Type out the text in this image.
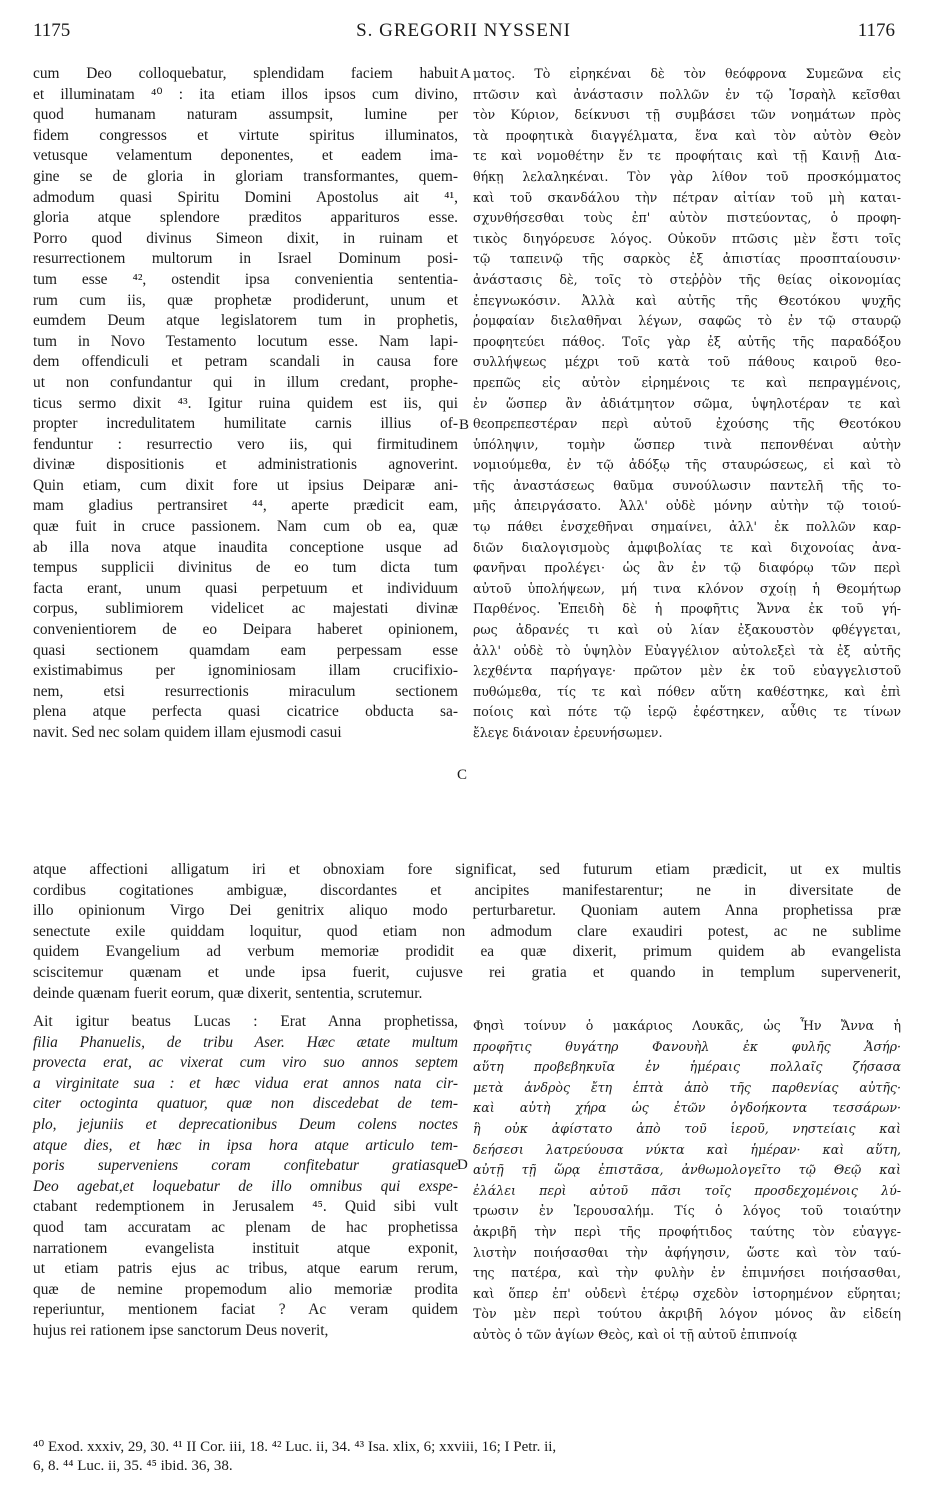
1175	S. GREGORII NYSSENI	1176
cum Deo colloquebatur, splendidam faciem habuit
et illuminatam ⁴⁰ : ita etiam illos ipsos cum divino,
quod humanam naturam assumpsit, lumine per
fidem congressos et virtute spiritus illuminatos,
vetusque velamentum deponentes, et eadem ima-
gine se de gloria in gloriam transformantes, quem-
admodum quasi Spiritu Domini Apostolus ait ⁴¹,
gloria atque splendore præditos apparituros esse.
Porro quod divinus Simeon dixit, in ruinam et
resurrectionem multorum in Israel Dominum posi-
tum esse ⁴², ostendit ipsa convenientia sententia-
rum cum iis, quæ prophetæ prodiderunt, unum et
eumdem Deum atque legislatorem tum in prophetis,
tum in Novo Testamento locutum esse. Nam lapi-
dem offendiculi et petram scandali in causa fore
ut non confundantur qui in illum credant, prophe-
ticus sermo dixit ⁴³. Igitur ruina quidem est iis, qui
propter incredulitatem humilitate carnis illius of-
fenduntur : resurrectio vero iis, qui firmitudinem
divinæ dispositionis et administrationis agnoverint.
Quin etiam, cum dixit fore ut ipsius Deiparæ ani-
mam gladius pertransiret ⁴⁴, aperte prædicit eam,
quæ fuit in cruce passionem. Nam cum ob ea, quæ
ab illa nova atque inaudita conceptione usque ad
tempus supplicii divinitus de eo tum dicta tum
facta erant, unum quasi perpetuum et individuum
corpus, sublimiorem videlicet ac majestati divinæ
convenientiorem de eo Deipara haberet opinionem,
quasi sectionem quamdam eam perpessam esse
existimabimus per ignominiosam illam crucifixio-
nem, etsi resurrectionis miraculum sectionem
plena atque perfecta quasi cicatrice obducta sa-
navit. Sed nec solam quidem illam ejusmodi casui
ματος. Τὸ εἰρηκέναι δὲ τὸν θεόφρονα Συμεῶνα εἰς
πτῶσιν καὶ ἀνάστασιν πολλῶν ἐν τῷ Ἰσραὴλ κεῖσθαι
τὸν Κύριον, δείκνυσι τῇ συμβάσει τῶν νοημάτων πρὸς
τὰ προφητικὰ διαγγέλματα, ἕνα καὶ τὸν αὐτὸν Θεὸν
τε καὶ νομοθέτην ἔν τε προφήταις καὶ τῇ Καινῇ Δια-
θήκῃ λελαληκέναι. Τὸν γὰρ λίθον τοῦ προσκόμματος
καὶ τοῦ σκανδάλου τὴν πέτραν αἰτίαν τοῦ μὴ καται-
σχυνθήσεσθαι τοὺς ἐπ' αὐτὸν πιστεύοντας, ὁ προφη-
τικὸς διηγόρευσε λόγος. Οὐκοῦν πτῶσις μὲν ἔστι τοῖς
τῷ ταπεινῷ τῆς σαρκὸς ἐξ ἀπιστίας προσπταίουσιν·
ἀνάστασις δὲ, τοῖς τὸ στεῤῥὸν τῆς θείας οἰκονομίας
ἐπεγνωκόσιν. Ἀλλὰ καὶ αὐτῆς τῆς Θεοτόκου ψυχῆς
ῥομφαίαν διελαθῆναι λέγων, σαφῶς τὸ ἐν τῷ σταυρῷ
προφητεύει πάθος. Τοῖς γὰρ ἐξ αὐτῆς τῆς παραδόξου
συλλήψεως μέχρι τοῦ κατὰ τοῦ πάθους καιροῦ θεο-
πρεπῶς εἰς αὐτὸν εἰρημένοις τε καὶ πεπραγμένοις,
ἐν ὥσπερ ἂν ἀδιάτμητον σῶμα, ὑψηλοτέραν τε καὶ
θεοπρεπεστέραν περὶ αὐτοῦ ἐχούσης τῆς Θεοτόκου
ὑπόληψιν, τομὴν ὥσπερ τινὰ πεπονθέναι αὐτὴν
νομιούμεθα, ἐν τῷ ἀδόξῳ τῆς σταυρώσεως, εἰ καὶ τὸ
τῆς ἀναστάσεως θαῦμα συνούλωσιν παντελῆ τῆς το-
μῆς ἀπειργάσατο. Ἀλλ' οὐδὲ μόνην αὐτὴν τῷ τοιού-
τῳ πάθει ἐνσχεθῆναι σημαίνει, ἀλλ' ἐκ πολλῶν καρ-
διῶν διαλογισμοὺς ἀμφιβολίας τε καὶ διχονοίας ἀνα-
φανῆναι προλέγει· ὡς ἂν ἐν τῷ διαφόρῳ τῶν περὶ
αὐτοῦ ὑπολήψεων, μή τινα κλόνον σχοίῃ ἡ Θεομήτωρ
Παρθένος. Ἐπειδὴ δὲ ἡ προφῆτις Ἄννα ἐκ τοῦ γή-
ρως ἀδρανές τι καὶ οὐ λίαν ἐξακουστὸν φθέγγεται,
ἀλλ' οὐδὲ τὸ ὑψηλὸν Εὐαγγέλιον αὐτολεξεὶ τὰ ἐξ αὐτῆς
λεχθέντα παρήγαγε· πρῶτον μὲν ἐκ τοῦ εὐαγγελιστοῦ
πυθώμεθα, τίς τε καὶ πόθεν αὕτη καθέστηκε, καὶ ἐπὶ
ποίοις καὶ πότε τῷ ἱερῷ ἐφέστηκεν, αὖθις τε τίνων
ἔλεγε διάνοιαν ἐρευνήσωμεν.
A
B
C
D
atque affectioni alligatum iri et obnoxiam fore significat, sed futurum etiam prædicit, ut ex multis
cordibus cogitationes ambiguæ, discordantes et ancipites manifestarentur; ne in diversitate de
illo opinionum Virgo Dei genitrix aliquo modo perturbaretur. Quoniam autem Anna prophetissa præ
senectute exile quiddam loquitur, quod etiam non admodum clare exaudiri potest, ac ne sublime
quidem Evangelium ad verbum memoriæ prodidit ea quæ dixerit, primum quidem ab evangelista
sciscitemur quænam et unde ipsa fuerit, cujusve rei gratia et quando in templum supervenerit,
deinde quænam fuerit eorum, quæ dixerit, sententia, scrutemur.
Ait igitur beatus Lucas : Erat Anna prophetissa,
filia Phanuelis, de tribu Aser. Hæc ætate multum
provecta erat, ac vixerat cum viro suo annos septem
a virginitate sua : et hæc vidua erat annos nata cir-
citer octoginta quatuor, quæ non discedebat de tem-
plo, jejuniis et deprecationibus Deum colens noctes
atque dies, et hæc in ipsa hora atque articulo tem-
poris superveniens coram confitebatur gratiasque
Deo agebat,et loquebatur de illo omnibus qui exspe-
ctabant redemptionem in Jerusalem ⁴⁵. Quid sibi vult
quod tam accuratam ac plenam de hac prophetissa
narrationem evangelista instituit atque exponit,
ut etiam patris ejus ac tribus, atque earum rerum,
quæ de nemine propemodum alio memoriæ prodita
reperiuntur, mentionem faciat ? Ac veram quidem
hujus rei rationem ipse sanctorum Deus noverit,
Φησὶ τοίνυν ὁ μακάριος Λουκᾶς, ὡς Ἦν Ἄννα ἡ
προφῆτις θυγάτηρ Φανουὴλ ἐκ φυλῆς Ἀσήρ·
αὕτη προβεβηκυῖα ἐν ἡμέραις πολλαῖς ζήσασα
μετὰ ἀνδρὸς ἔτη ἑπτὰ ἀπὸ τῆς παρθενίας αὐτῆς·
καὶ αὐτὴ χήρα ὡς ἐτῶν ὀγδοήκοντα τεσσάρων·
ἣ οὐκ ἀφίστατο ἀπὸ τοῦ ἱεροῦ, νηστείαις καὶ
δεήσεσι λατρεύουσα νύκτα καὶ ἡμέραν· καὶ αὕτη,
αὐτῇ τῇ ὥρᾳ ἐπιστᾶσα, ἀνθωμολογεῖτο τῷ Θεῷ καὶ
ἐλάλει περὶ αὐτοῦ πᾶσι τοῖς προσδεχομένοις λύ-
τρωσιν ἐν Ἱερουσαλήμ. Τίς ὁ λόγος τοῦ τοιαύτην
ἀκριβῆ τὴν περὶ τῆς προφήτιδος ταύτης τὸν εὐαγγε-
λιστὴν ποιήσασθαι τὴν ἀφήγησιν, ὥστε καὶ τὸν ταύ-
της πατέρα, καὶ τὴν φυλὴν ἐν ἐπιμνήσει ποιήσασθαι,
καὶ ὅπερ ἐπ' οὐδενὶ ἑτέρῳ σχεδὸν ἱστορημένον εὕρηται;
Τὸν μὲν περὶ τούτου ἀκριβῆ λόγον μόνος ἂν εἰδείη
αὐτὸς ὁ τῶν ἁγίων Θεὸς, καὶ οἱ τῇ αὐτοῦ ἐπιπνοίᾳ
⁴⁰ Exod. xxxiv, 29, 30. ⁴¹ II Cor. iii, 18. ⁴² Luc. ii, 34. ⁴³ Isa. xlix, 6; xxviii, 16; I Petr. ii,
6, 8. ⁴⁴ Luc. ii, 35. ⁴⁵ ibid. 36, 38.
